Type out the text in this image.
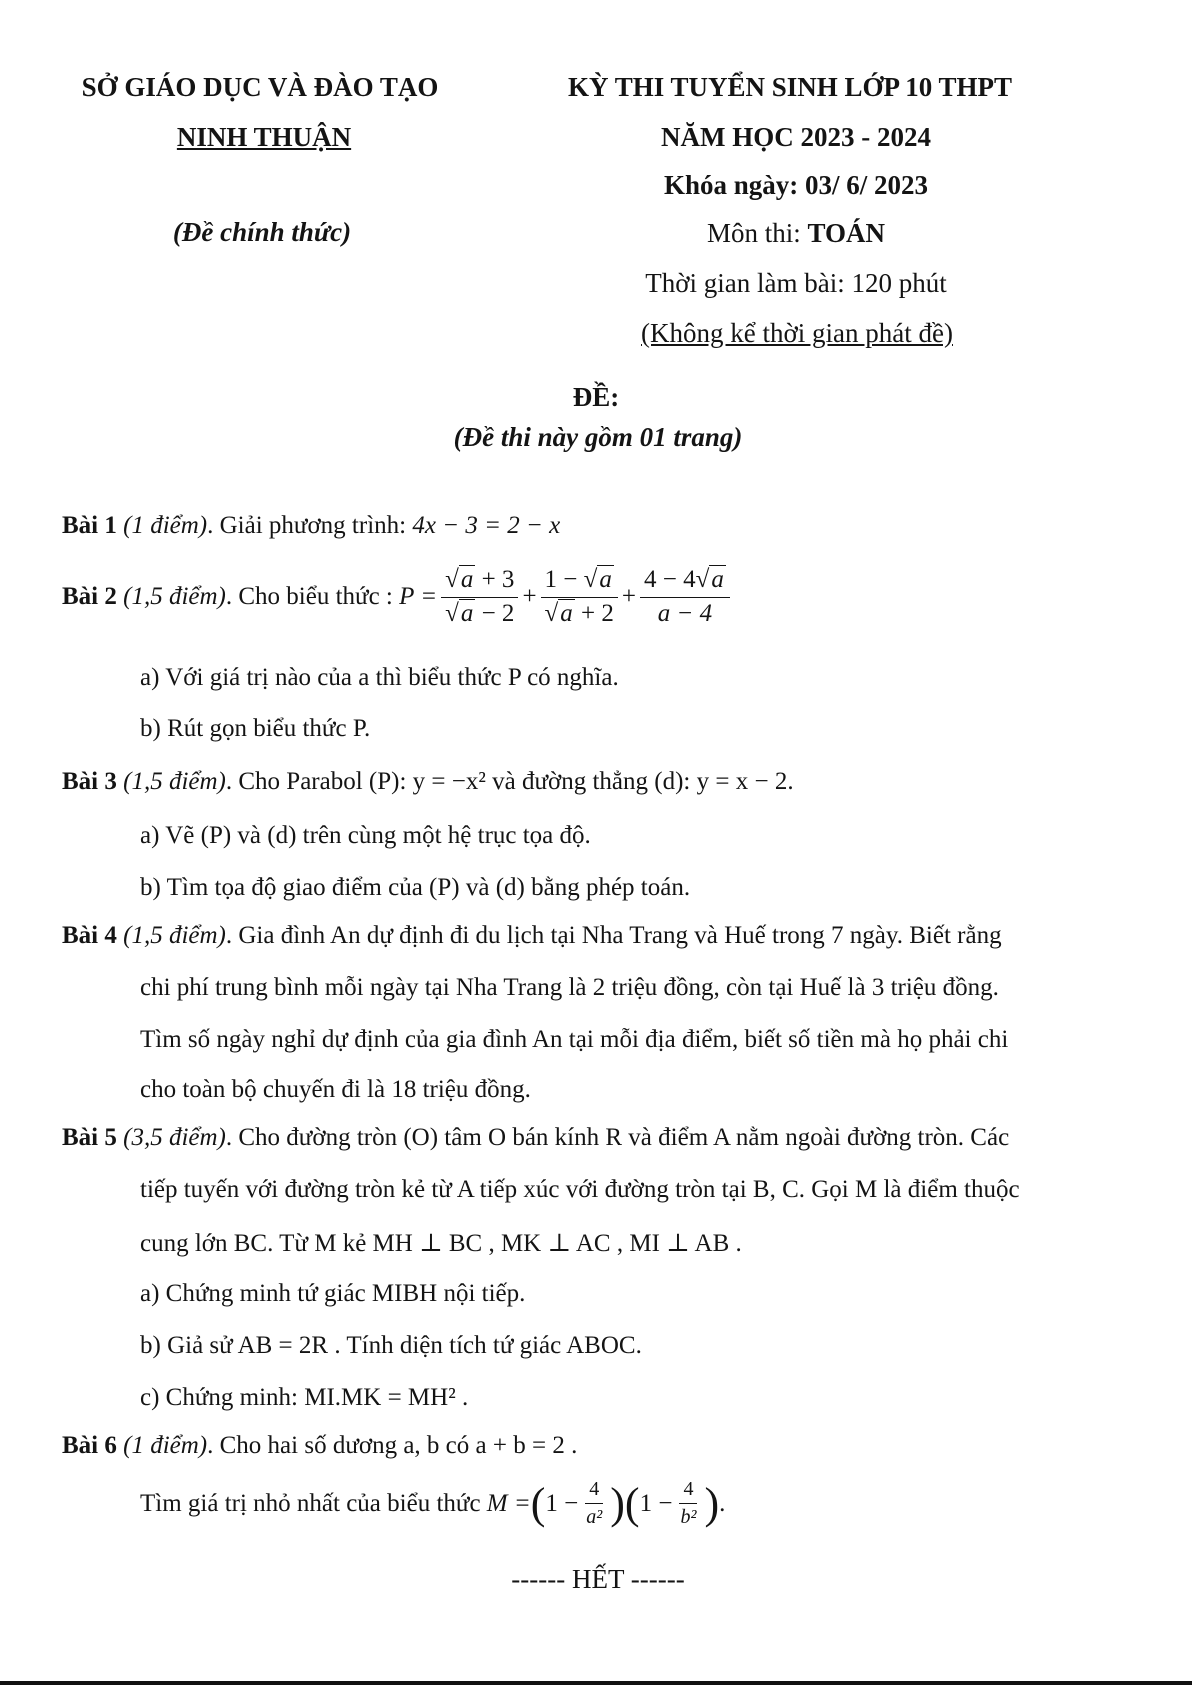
SỞ GIÁO DỤC VÀ ĐÀO TẠO
NINH THUẬN
(Đề chính thức)
KỲ THI TUYỂN SINH LỚP 10 THPT
NĂM HỌC 2023 - 2024
Khóa ngày: 03/ 6/ 2023
Môn thi: TOÁN
Thời gian làm bài: 120 phút
(Không kể thời gian phát đề)
ĐỀ:
(Đề thi này gồm 01 trang)
Bài 1 (1 điểm). Giải phương trình: 4x − 3 = 2 − x
Bài 2
(1,5 điểm) . Cho biểu thức :
$P = \frac{√a + 3}{√a - 2} + \frac{1 - √a}{√a + 2} + \frac{4 - 4√a}{a - 4}$
a) Với giá trị nào của a thì biểu thức P có nghĩa.
b) Rút gọn biểu thức P.
Bài 3 (1,5 điểm). Cho Parabol (P): y = −x² và đường thẳng (d): y = x − 2.
a) Vẽ (P) và (d) trên cùng một hệ trục tọa độ.
b) Tìm tọa độ giao điểm của (P) và (d) bằng phép toán.
Bài 4 (1,5 điểm). Gia đình An dự định đi du lịch tại Nha Trang và Huế trong 7 ngày. Biết rằng
chi phí trung bình mỗi ngày tại Nha Trang là 2 triệu đồng, còn tại Huế là 3 triệu đồng.
Tìm số ngày nghỉ dự định của gia đình An tại mỗi địa điểm, biết số tiền mà họ phải chi
cho toàn bộ chuyến đi là 18 triệu đồng.
Bài 5 (3,5 điểm). Cho đường tròn (O) tâm O bán kính R và điểm A nằm ngoài đường tròn. Các
tiếp tuyến với đường tròn kẻ từ A tiếp xúc với đường tròn tại B, C. Gọi M là điểm thuộc
cung lớn BC. Từ M kẻ MH ⊥ BC , MK ⊥ AC , MI ⊥ AB .
a) Chứng minh tứ giác MIBH nội tiếp.
b) Giả sử AB = 2R . Tính diện tích tứ giác ABOC.
c) Chứng minh: MI.MK = MH² .
Bài 6 (1 điểm). Cho hai số dương a, b có a + b = 2 .
Tìm giá trị nhỏ nhất của biểu thức
M = ( $1 - \frac{4}{\text{a²}}$ ) ( $1 - \frac{4}{\text{b²}}$ ) .
------ HẾT ------
